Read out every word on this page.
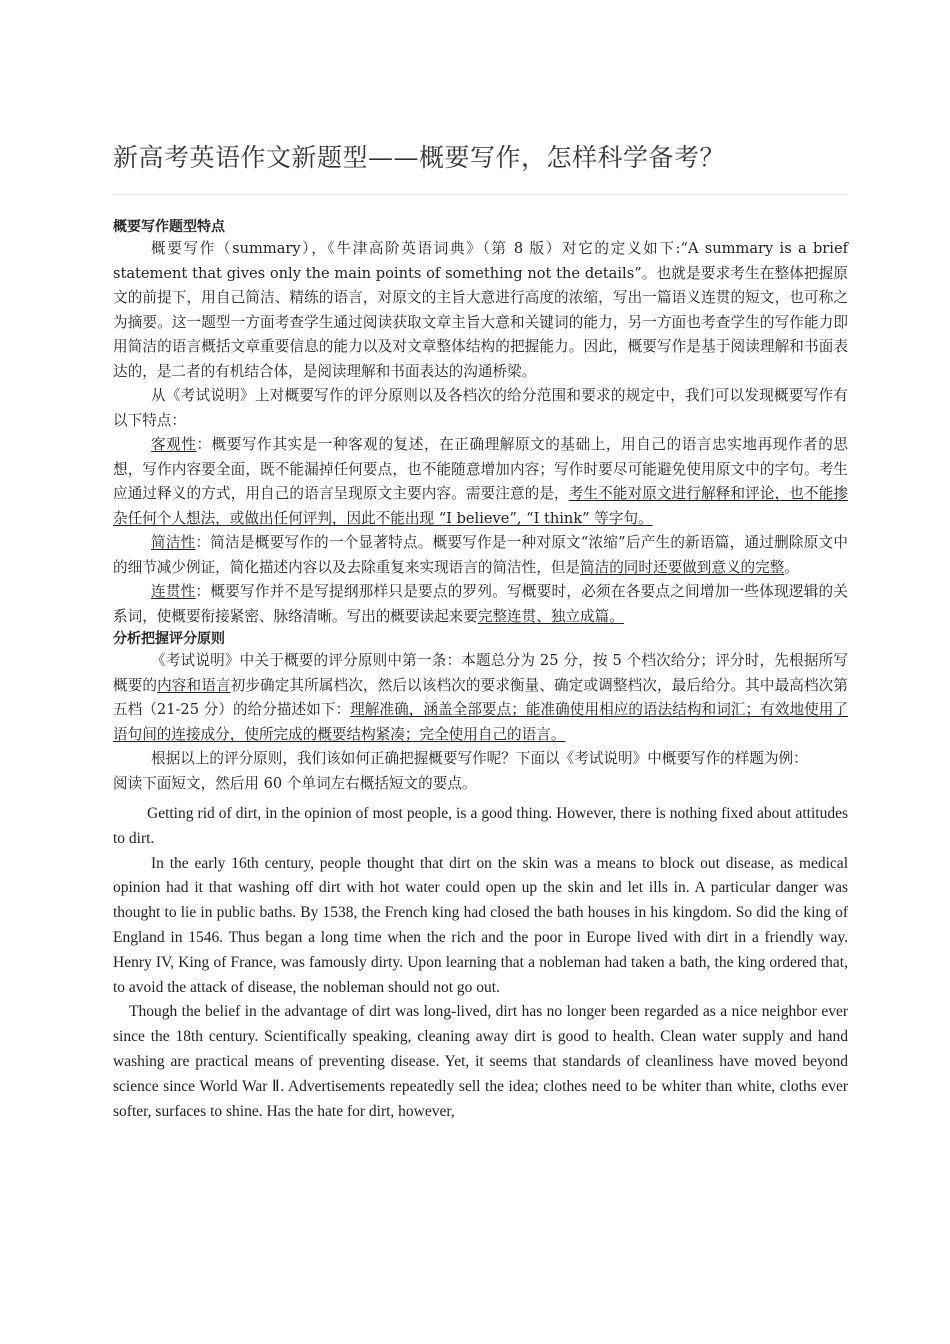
新高考英语作文新题型——概要写作，怎样科学备考？
概要写作题型特点

概要写作（summary），《牛津高阶英语词典》（第 8 版）对它的定义如下:“A summary is a brief statement that gives only the main points of something not the details”。也就是要求考生在整体把握原文的前提下，用自己简洁、精练的语言，对原文的主旨大意进行高度的浓缩，写出一篇语义连贯的短文，也可称之为摘要。这一题型一方面考查学生通过阅读获取文章主旨大意和关键词的能力，另一方面也考查学生的写作能力即用简洁的语言概括文章重要信息的能力以及对文章整体结构的把握能力。因此，概要写作是基于阅读理解和书面表达的，是二者的有机结合体，是阅读理解和书面表达的沟通桥梁。

从《考试说明》上对概要写作的评分原则以及各档次的给分范围和要求的规定中，我们可以发现概要写作有以下特点：

客观性：概要写作其实是一种客观的复述，在正确理解原文的基础上，用自己的语言忠实地再现作者的思想，写作内容要全面，既不能漏掉任何要点，也不能随意增加内容；写作时要尽可能避免使用原文中的字句。考生应通过释义的方式，用自己的语言呈现原文主要内容。需要注意的是，考生不能对原文进行解释和评论，也不能掺杂任何个人想法，或做出任何评判，因此不能出现 “I believe”, “I think” 等字句。

简洁性：简洁是概要写作的一个显著特点。概要写作是一种对原文“浓缩”后产生的新语篇，通过删除原文中的细节减少例证，简化描述内容以及去除重复来实现语言的简洁性，但是简洁的同时还要做到意义的完整。

连贯性：概要写作并不是写提纲那样只是要点的罗列。写概要时，必须在各要点之间增加一些体现逻辑的关系词，使概要衔接紧密、脉络清晰。写出的概要读起来要完整连贯、独立成篇。

分析把握评分原则

《考试说明》中关于概要的评分原则中第一条：本题总分为 25 分，按 5 个档次给分；评分时，先根据所写概要的内容和语言初步确定其所属档次，然后以该档次的要求衡量、确定或调整档次，最后给分。其中最高档次第五档（21-25 分）的给分描述如下：理解准确，涵盖全部要点；能准确使用相应的语法结构和词汇；有效地使用了语句间的连接成分，使所完成的概要结构紧凑；完全使用自己的语言。

根据以上的评分原则，我们该如何正确把握概要写作呢？下面以《考试说明》中概要写作的样题为例：

阅读下面短文，然后用 60 个单词左右概括短文的要点。

Getting rid of dirt, in the opinion of most people, is a good thing. However, there is nothing fixed about attitudes to dirt.

In the early 16th century, people thought that dirt on the skin was a means to block out disease, as medical opinion had it that washing off dirt with hot water could open up the skin and let ills in. A particular danger was thought to lie in public baths. By 1538, the French king had closed the bath houses in his kingdom. So did the king of England in 1546. Thus began a long time when the rich and the poor in Europe lived with dirt in a friendly way. Henry IV, King of France, was famously dirty. Upon learning that a nobleman had taken a bath, the king ordered that, to avoid the attack of disease, the nobleman should not go out.

Though the belief in the advantage of dirt was long-lived, dirt has no longer been regarded as a nice neighbor ever since the 18th century. Scientifically speaking, cleaning away dirt is good to health. Clean water supply and hand washing are practical means of preventing disease. Yet, it seems that standards of cleanliness have moved beyond science since World War Ⅱ. Advertisements repeatedly sell the idea; clothes need to be whiter than white, cloths ever softer, surfaces to shine. Has the hate for dirt, however,
